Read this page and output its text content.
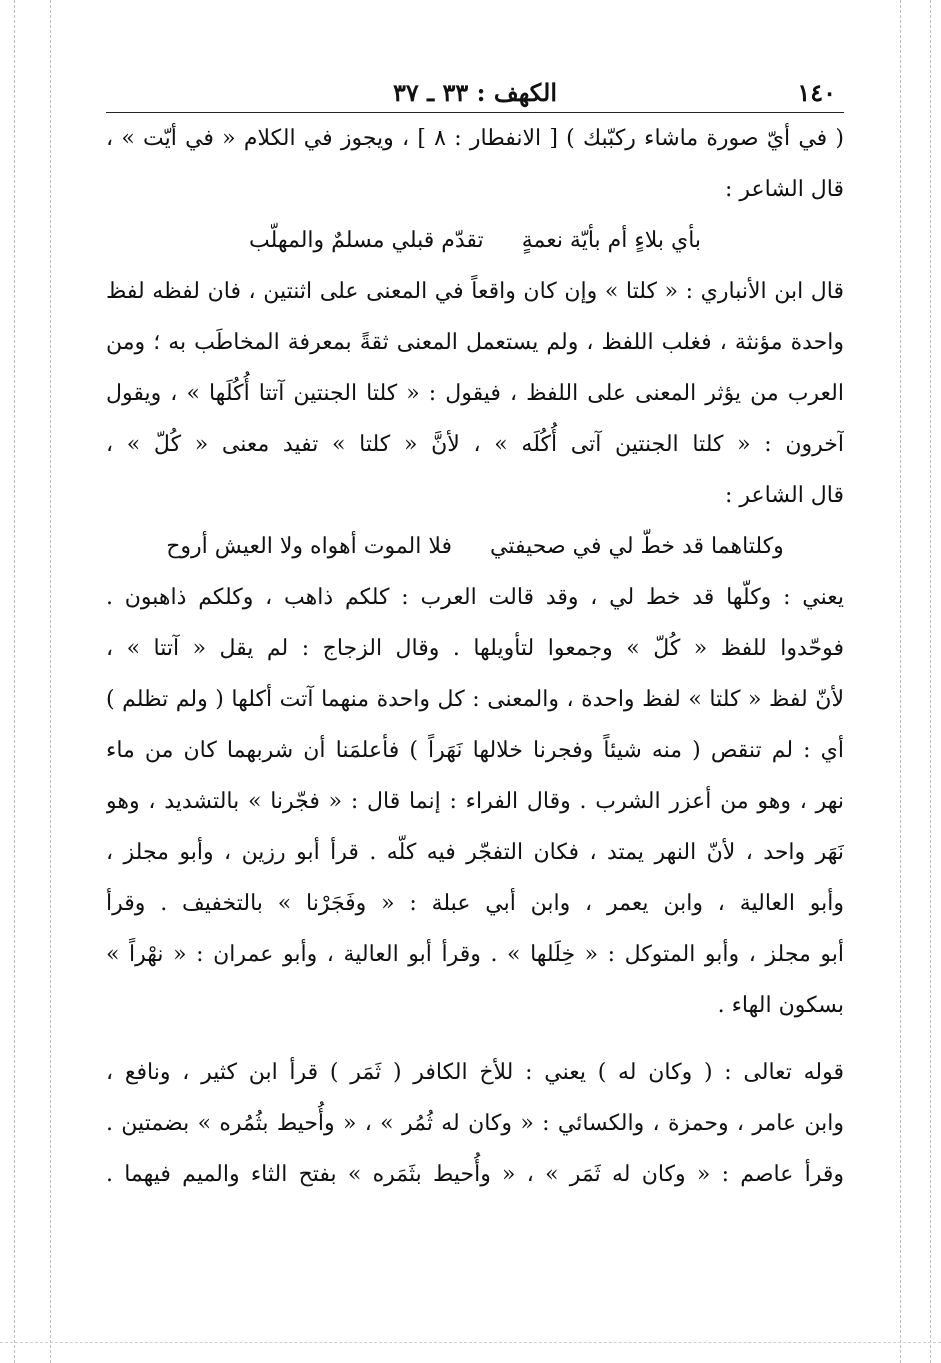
١٤٠
الكهف : ٣٣ ـ ٣٧
( في أيّ صورة ماشاء ركبّبك ) [ الانفطار : ٨ ] ، ويجوز في الكلام « في أيّت » ،
قال الشاعر :
بأي بلاءٍ أم بأيّة نعمةٍ
تقدّم قبلي مسلمٌ والمهلّب
قال ابن الأنباري : « كلتا » وإن كان واقعاً في المعنى على اثنتين ، فان لفظه لفظ
واحدة مؤنثة ، فغلب اللفظ ، ولم يستعمل المعنى ثقةً بمعرفة المخاطَب به ؛ ومن
العرب من يؤثر المعنى على اللفظ ، فيقول : « كلتا الجنتين آتتا أُكُلَها » ، ويقول
آخرون : « كلتا الجنتين آتى أُكُلَه » ، لأنَّ « كلتا » تفيد معنى « كُلّ » ،
قال الشاعر :
وكلتاهما قد خطّ لي في صحيفتي
فلا الموت أهواه ولا العيش أروح
يعني : وكلّها قد خط لي ، وقد قالت العرب : كلكم ذاهب ، وكلكم ذاهبون .
فوحّدوا للفظ « كُلّ » وجمعوا لتأويلها . وقال الزجاج : لم يقل « آتتا » ،
لأنّ لفظ « كلتا » لفظ واحدة ، والمعنى : كل واحدة منهما آتت أكلها ( ولم تظلم )
أي : لم تنقص ( منه شيئاً وفجرنا خلالها نَهَراً ) فأعلمَنا أن شربهما كان من ماء
نهر ، وهو من أعزر الشرب . وقال الفراء : إنما قال : « فجّرنا » بالتشديد ، وهو
نَهَر واحد ، لأنّ النهر يمتد ، فكان التفجّر فيه كلّه . قرأ أبو رزين ، وأبو مجلز ،
وأبو العالية ، وابن يعمر ، وابن أبي عبلة : « وفَجَرْنا » بالتخفيف . وقرأ
أبو مجلز ، وأبو المتوكل : « خِلَلها » . وقرأ أبو العالية ، وأبو عمران : « نهْراً »
بسكون الهاء .
قوله تعالى : ( وكان له ) يعني : للأخ الكافر ( ثَمَر ) قرأ ابن كثير ، ونافع ،
وابن عامر ، وحمزة ، والكسائي : « وكان له ثُمُر » ، « وأُحيط بثُمُره » بضمتين .
وقرأ عاصم : « وكان له ثَمَر » ، « وأُحيط بثَمَره » بفتح الثاء والميم فيهما .
